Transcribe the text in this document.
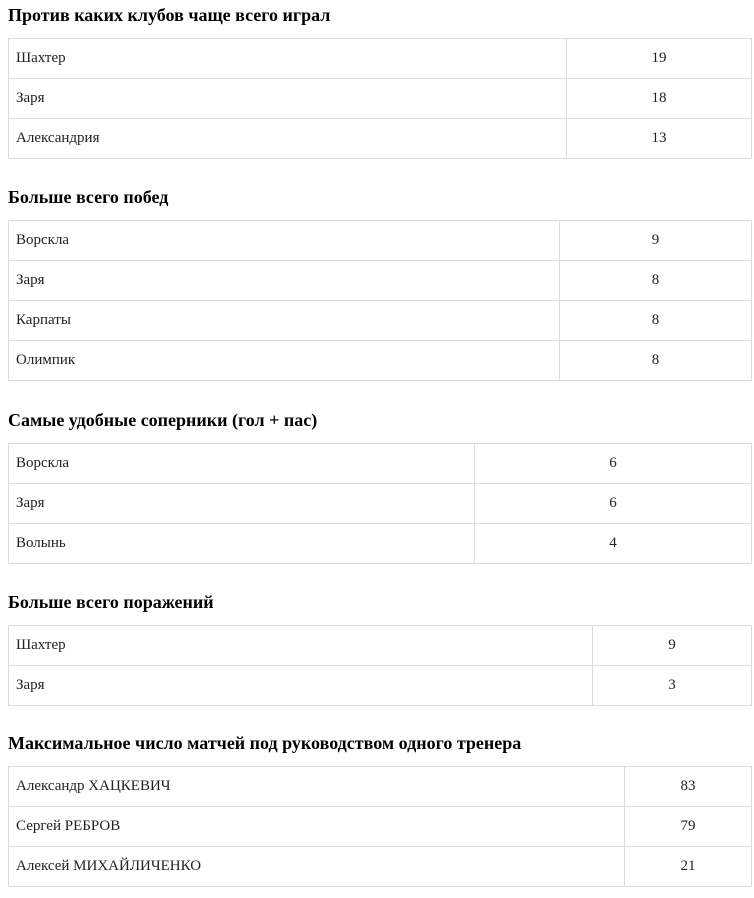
Против каких клубов чаще всего играл
Шахтер	19
Заря	18
Александрия	13
Больше всего побед
Ворскла	9
Заря	8
Карпаты	8
Олимпик	8
Самые удобные соперники (гол + пас)
Ворскла	6
Заря	6
Волынь	4
Больше всего поражений
Шахтер	9
Заря	3
Максимальное число матчей под руководством одного тренера
Александр ХАЦКЕВИЧ	83
Сергей РЕБРОВ	79
Алексей МИХАЙЛИЧЕНКО	21
